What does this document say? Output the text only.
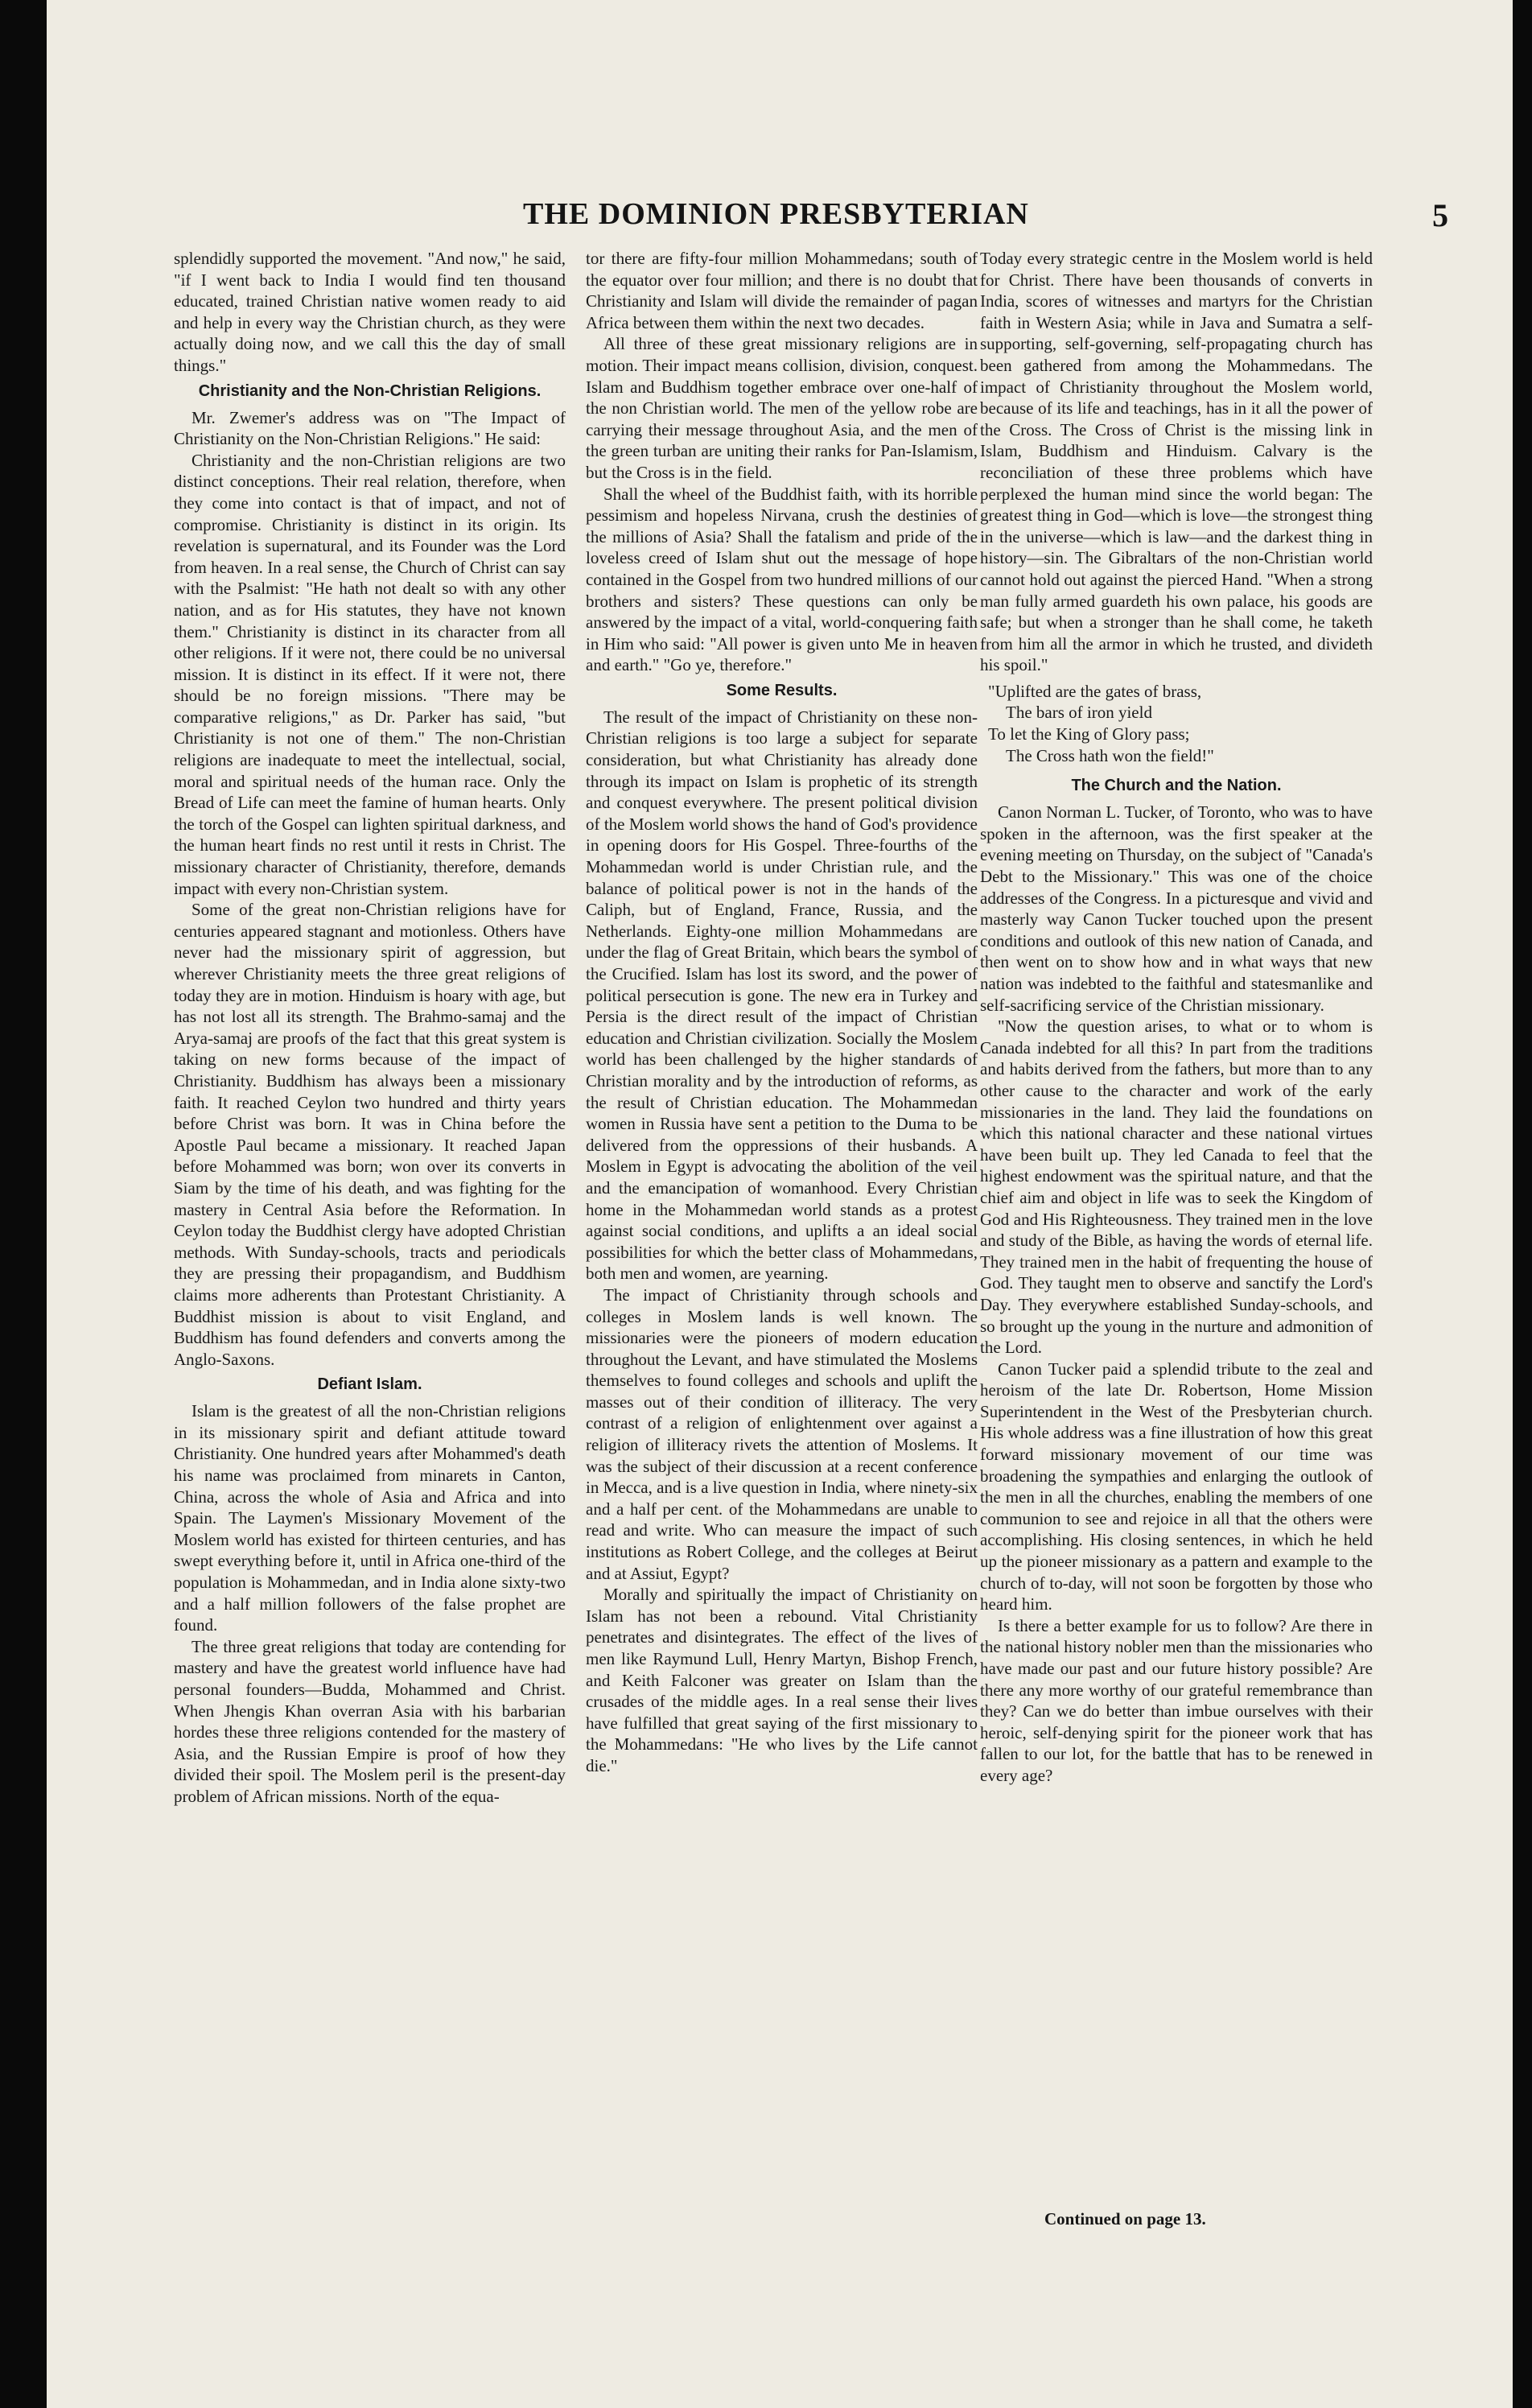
THE DOMINION PRESBYTERIAN	5

splendidly supported the movement. "And now," he said, "if I went back to India I would find ten thousand educated, trained Christian native women ready to aid and help in every way the Christian church, as they were actually doing now, and we call this the day of small things."

Christianity and the Non-Christian Religions.

Mr. Zwemer's address was on "The Impact of Christianity on the Non-Christian Religions." He said:

Christianity and the non-Christian religions are two distinct conceptions. Their real relation, therefore, when they come into contact is that of impact, and not of compromise. Christianity is distinct in its origin. Its revelation is supernatural, and its Founder was the Lord from heaven. In a real sense, the Church of Christ can say with the Psalmist: "He hath not dealt so with any other nation, and as for His statutes, they have not known them." Christianity is distinct in its character from all other religions. If it were not, there could be no universal mission. It is distinct in its effect. If it were not, there should be no foreign missions. "There may be comparative religions," as Dr. Parker has said, "but Christianity is not one of them." The non-Christian religions are inadequate to meet the intellectual, social, moral and spiritual needs of the human race. Only the Bread of Life can meet the famine of human hearts. Only the torch of the Gospel can lighten spiritual darkness, and the human heart finds no rest until it rests in Christ. The missionary character of Christianity, therefore, demands impact with every non-Christian system.

Some of the great non-Christian religions have for centuries appeared stagnant and motionless. Others have never had the missionary spirit of aggression, but wherever Christianity meets the three great religions of today they are in motion. Hinduism is hoary with age, but has not lost all its strength. The Brahmo-samaj and the Arya-samaj are proofs of the fact that this great system is taking on new forms because of the impact of Christianity. Buddhism has always been a missionary faith. It reached Ceylon two hundred and thirty years before Christ was born. It was in China before the Apostle Paul became a missionary. It reached Japan before Mohammed was born; won over its converts in Siam by the time of his death, and was fighting for the mastery in Central Asia before the Reformation. In Ceylon today the Buddhist clergy have adopted Christian methods. With Sunday-schools, tracts and periodicals they are pressing their propagandism, and Buddhism claims more adherents than Protestant Christianity. A Buddhist mission is about to visit England, and Buddhism has found defenders and converts among the Anglo-Saxons.

Defiant Islam.

Islam is the greatest of all the non-Christian religions in its missionary spirit and defiant attitude toward Christianity. One hundred years after Mohammed's death his name was proclaimed from minarets in Canton, China, across the whole of Asia and Africa and into Spain. The Laymen's Missionary Movement of the Moslem world has existed for thirteen centuries, and has swept everything before it, until in Africa one-third of the population is Mohammedan, and in India alone sixty-two and a half million followers of the false prophet are found.

The three great religions that today are contending for mastery and have the greatest world influence have had personal founders—Budda, Mohammed and Christ. When Jhengis Khan overran Asia with his barbarian hordes these three religions contended for the mastery of Asia, and the Russian Empire is proof of how they divided their spoil. The Moslem peril is the present-day problem of African missions. North of the equa-

tor there are fifty-four million Mohammedans; south of the equator over four million; and there is no doubt that Christianity and Islam will divide the remainder of pagan Africa between them within the next two decades.

All three of these great missionary religions are in motion. Their impact means collision, division, conquest. Islam and Buddhism together embrace over one-half of the non Christian world. The men of the yellow robe are carrying their message throughout Asia, and the men of the green turban are uniting their ranks for Pan-Islamism, but the Cross is in the field.

Shall the wheel of the Buddhist faith, with its horrible pessimism and hopeless Nirvana, crush the destinies of the millions of Asia? Shall the fatalism and pride of the loveless creed of Islam shut out the message of hope contained in the Gospel from two hundred millions of our brothers and sisters? These questions can only be answered by the impact of a vital, world-conquering faith in Him who said: "All power is given unto Me in heaven and earth." "Go ye, therefore."

Some Results.

The result of the impact of Christianity on these non-Christian religions is too large a subject for separate consideration, but what Christianity has already done through its impact on Islam is prophetic of its strength and conquest everywhere. The present political division of the Moslem world shows the hand of God's providence in opening doors for His Gospel. Three-fourths of the Mohammedan world is under Christian rule, and the balance of political power is not in the hands of the Caliph, but of England, France, Russia, and the Netherlands. Eighty-one million Mohammedans are under the flag of Great Britain, which bears the symbol of the Crucified. Islam has lost its sword, and the power of political persecution is gone. The new era in Turkey and Persia is the direct result of the impact of Christian education and Christian civilization. Socially the Moslem world has been challenged by the higher standards of Christian morality and by the introduction of reforms, as the result of Christian education. The Mohammedan women in Russia have sent a petition to the Duma to be delivered from the oppressions of their husbands. A Moslem in Egypt is advocating the abolition of the veil and the emancipation of womanhood. Every Christian home in the Mohammedan world stands as a protest against social conditions, and uplifts a an ideal social possibilities for which the better class of Mohammedans, both men and women, are yearning.

The impact of Christianity through schools and colleges in Moslem lands is well known. The missionaries were the pioneers of modern education throughout the Levant, and have stimulated the Moslems themselves to found colleges and schools and uplift the masses out of their condition of illiteracy. The very contrast of a religion of enlightenment over against a religion of illiteracy rivets the attention of Moslems. It was the subject of their discussion at a recent conference in Mecca, and is a live question in India, where ninety-six and a half per cent. of the Mohammedans are unable to read and write. Who can measure the impact of such institutions as Robert College, and the colleges at Beirut and at Assiut, Egypt?

Morally and spiritually the impact of Christianity on Islam has not been a rebound. Vital Christianity penetrates and disintegrates. The effect of the lives of men like Raymund Lull, Henry Martyn, Bishop French, and Keith Falconer was greater on Islam than the crusades of the middle ages. In a real sense their lives have fulfilled that great saying of the first missionary to the Mohammedans: "He who lives by the Life cannot die."

Today every strategic centre in the Moslem world is held for Christ. There have been thousands of converts in India, scores of witnesses and martyrs for the Christian faith in Western Asia; while in Java and Sumatra a self-supporting, self-governing, self-propagating church has been gathered from among the Mohammedans. The impact of Christianity throughout the Moslem world, because of its life and teachings, has in it all the power of the Cross. The Cross of Christ is the missing link in Islam, Buddhism and Hinduism. Calvary is the reconciliation of these three problems which have perplexed the human mind since the world began: The greatest thing in God—which is love—the strongest thing in the universe—which is law—and the darkest thing in history—sin. The Gibraltars of the non-Christian world cannot hold out against the pierced Hand. "When a strong man fully armed guardeth his own palace, his goods are safe; but when a stronger than he shall come, he taketh from him all the armor in which he trusted, and divideth his spoil."

"Uplifted are the gates of brass,
The bars of iron yield
To let the King of Glory pass;
The Cross hath won the field!"
The Church and the Nation.

Canon Norman L. Tucker, of Toronto, who was to have spoken in the afternoon, was the first speaker at the evening meeting on Thursday, on the subject of "Canada's Debt to the Missionary." This was one of the choice addresses of the Congress. In a picturesque and vivid and masterly way Canon Tucker touched upon the present conditions and outlook of this new nation of Canada, and then went on to show how and in what ways that new nation was indebted to the faithful and statesmanlike and self-sacrificing service of the Christian missionary.

"Now the question arises, to what or to whom is Canada indebted for all this? In part from the traditions and habits derived from the fathers, but more than to any other cause to the character and work of the early missionaries in the land. They laid the foundations on which this national character and these national virtues have been built up. They led Canada to feel that the highest endowment was the spiritual nature, and that the chief aim and object in life was to seek the Kingdom of God and His Righteousness. They trained men in the love and study of the Bible, as having the words of eternal life. They trained men in the habit of frequenting the house of God. They taught men to observe and sanctify the Lord's Day. They everywhere established Sunday-schools, and so brought up the young in the nurture and admonition of the Lord.

Canon Tucker paid a splendid tribute to the zeal and heroism of the late Dr. Robertson, Home Mission Superintendent in the West of the Presbyterian church. His whole address was a fine illustration of how this great forward missionary movement of our time was broadening the sympathies and enlarging the outlook of the men in all the churches, enabling the members of one communion to see and rejoice in all that the others were accomplishing. His closing sentences, in which he held up the pioneer missionary as a pattern and example to the church of to-day, will not soon be forgotten by those who heard him.

Is there a better example for us to follow? Are there in the national history nobler men than the missionaries who have made our past and our future history possible? Are there any more worthy of our grateful remembrance than they? Can we do better than imbue ourselves with their heroic, self-denying spirit for the pioneer work that has fallen to our lot, for the battle that has to be renewed in every age?

Continued on page 13.
